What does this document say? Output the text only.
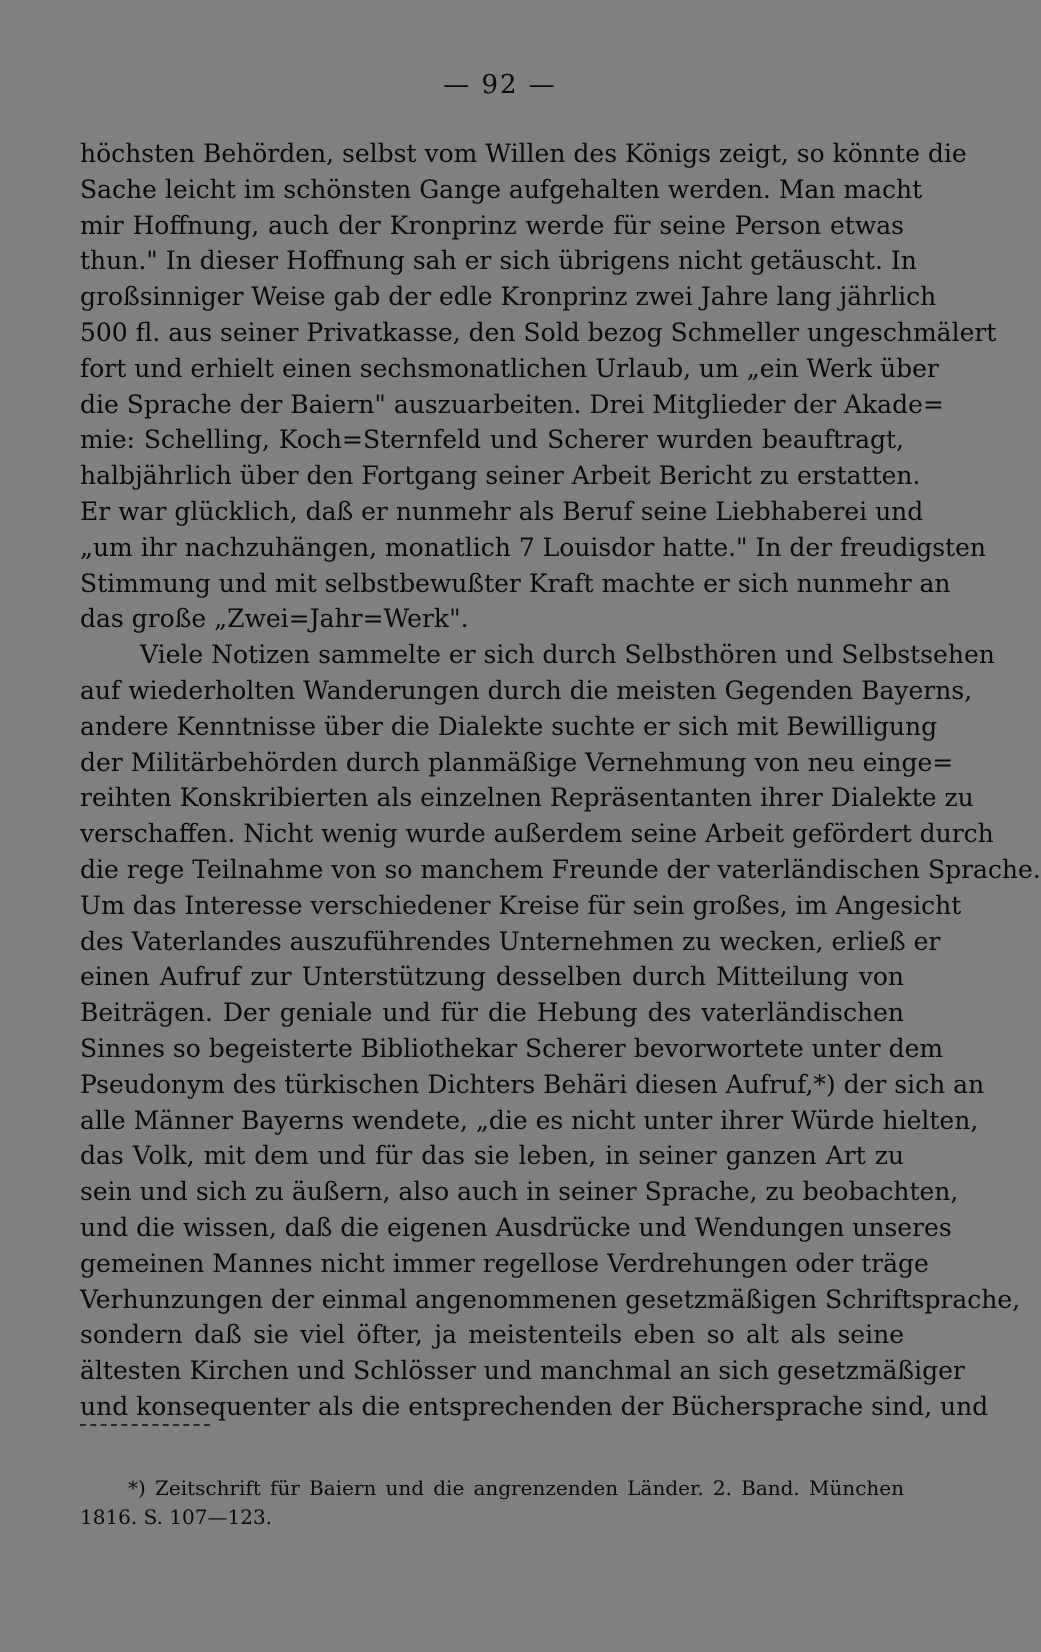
— 92 —
höchsten Behörden, selbst vom Willen des Königs zeigt, so könnte die
Sache leicht im schönsten Gange aufgehalten werden. Man macht
mir Hoffnung, auch der Kronprinz werde für seine Person etwas
thun." In dieser Hoffnung sah er sich übrigens nicht getäuscht. In
großsinniger Weise gab der edle Kronprinz zwei Jahre lang jährlich
500 fl. aus seiner Privatkasse, den Sold bezog Schmeller ungeschmälert
fort und erhielt einen sechsmonatlichen Urlaub, um „ein Werk über
die Sprache der Baiern" auszuarbeiten. Drei Mitglieder der Akade=
mie: Schelling, Koch=Sternfeld und Scherer wurden beauftragt,
halbjährlich über den Fortgang seiner Arbeit Bericht zu erstatten.
Er war glücklich, daß er nunmehr als Beruf seine Liebhaberei und
„um ihr nachzuhängen, monatlich 7 Louisdor hatte." In der freudigsten
Stimmung und mit selbstbewußter Kraft machte er sich nunmehr an
das große „Zwei=Jahr=Werk".
Viele Notizen sammelte er sich durch Selbsthören und Selbstsehen
auf wiederholten Wanderungen durch die meisten Gegenden Bayerns,
andere Kenntnisse über die Dialekte suchte er sich mit Bewilligung
der Militärbehörden durch planmäßige Vernehmung von neu einge=
reihten Konskribierten als einzelnen Repräsentanten ihrer Dialekte zu
verschaffen. Nicht wenig wurde außerdem seine Arbeit gefördert durch
die rege Teilnahme von so manchem Freunde der vaterländischen Sprache.
Um das Interesse verschiedener Kreise für sein großes, im Angesicht
des Vaterlandes auszuführendes Unternehmen zu wecken, erließ er
einen Aufruf zur Unterstützung desselben durch Mitteilung von
Beiträgen. Der geniale und für die Hebung des vaterländischen
Sinnes so begeisterte Bibliothekar Scherer bevorwortete unter dem
Pseudonym des türkischen Dichters Behäri diesen Aufruf,*) der sich an
alle Männer Bayerns wendete, „die es nicht unter ihrer Würde hielten,
das Volk, mit dem und für das sie leben, in seiner ganzen Art zu
sein und sich zu äußern, also auch in seiner Sprache, zu beobachten,
und die wissen, daß die eigenen Ausdrücke und Wendungen unseres
gemeinen Mannes nicht immer regellose Verdrehungen oder träge
Verhunzungen der einmal angenommenen gesetzmäßigen Schriftsprache,
sondern daß sie viel öfter, ja meistenteils eben so alt als seine
ältesten Kirchen und Schlösser und manchmal an sich gesetzmäßiger
und konsequenter als die entsprechenden der Büchersprache sind, und
*) Zeitschrift für Baiern und die angrenzenden Länder. 2. Band. München
1816. S. 107—123.
